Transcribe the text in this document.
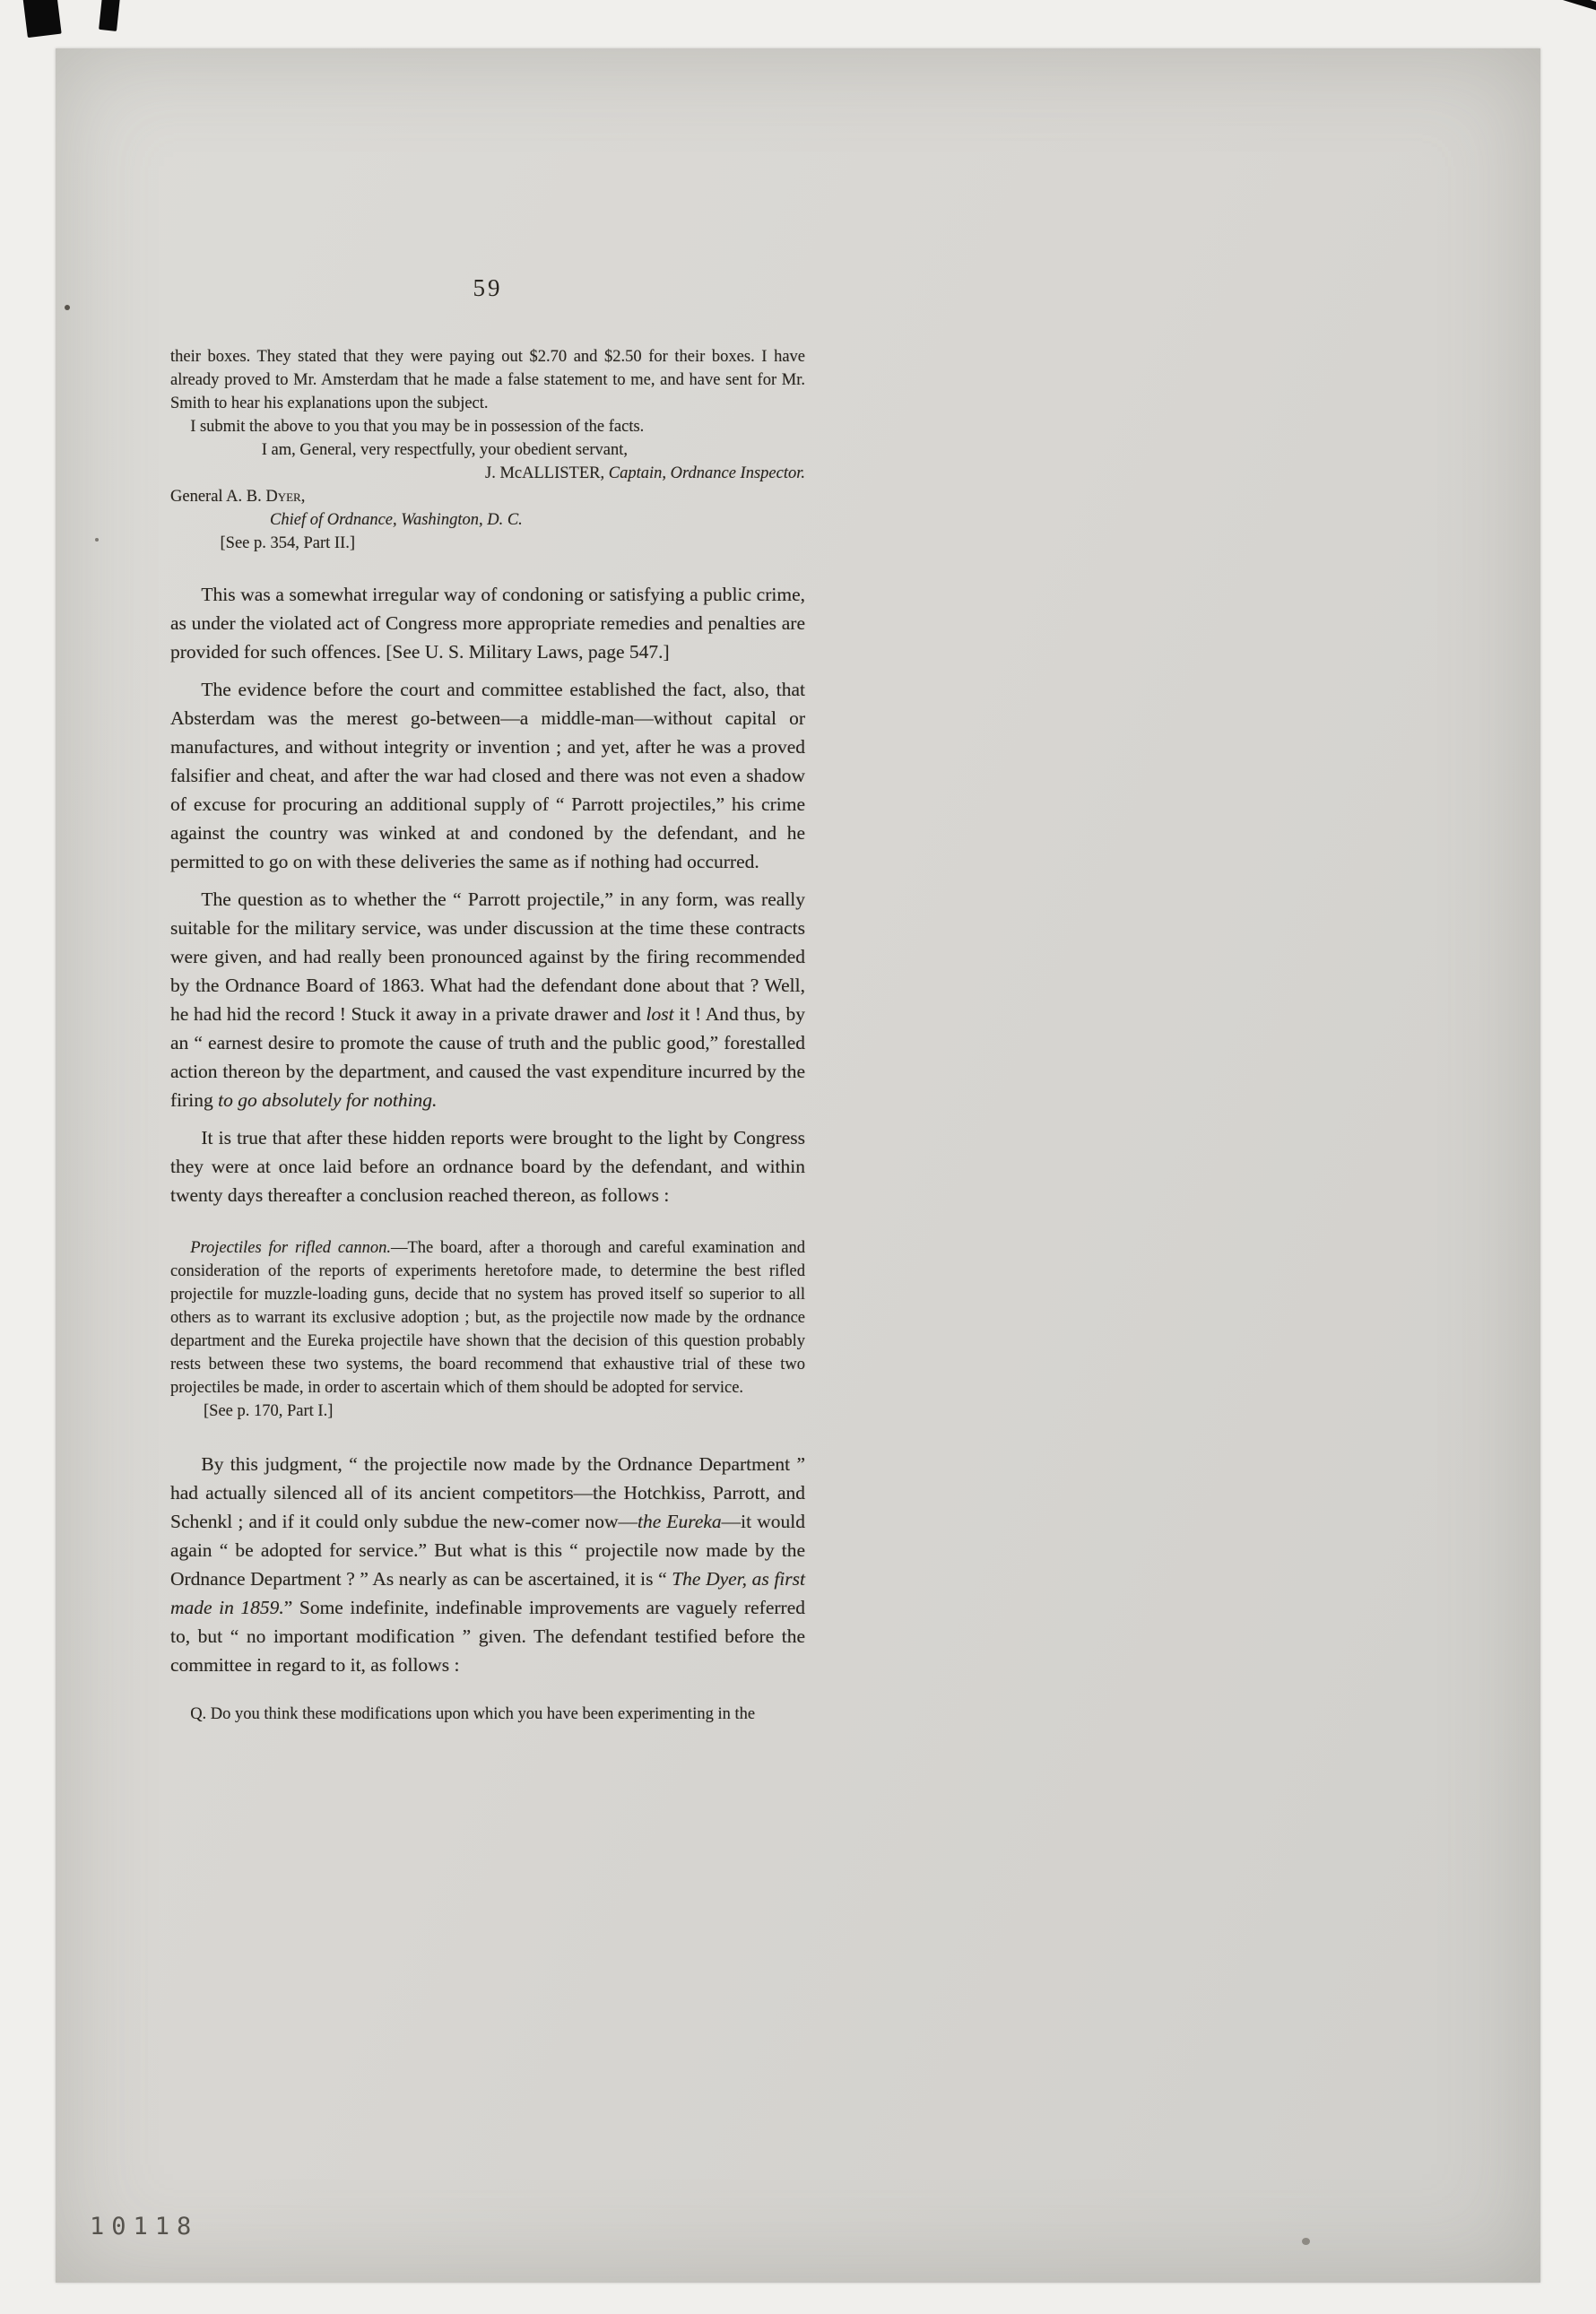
59

their boxes. They stated that they were paying out $2.70 and $2.50 for their boxes. I have already proved to Mr. Amsterdam that he made a false statement to me, and have sent for Mr. Smith to hear his explanations upon the subject.

I submit the above to you that you may be in possession of the facts.

I am, General, very respectfully, your obedient servant,

J. McALLISTER, Captain, Ordnance Inspector.

General A. B. Dyer,

Chief of Ordnance, Washington, D. C.

[See p. 354, Part II.]

This was a somewhat irregular way of condoning or satisfying a public crime, as under the violated act of Congress more appropriate remedies and penalties are provided for such offences. [See U. S. Military Laws, page 547.]

The evidence before the court and committee established the fact, also, that Absterdam was the merest go-between—a middle-man—without capital or manufactures, and without integrity or invention ; and yet, after he was a proved falsifier and cheat, and after the war had closed and there was not even a shadow of excuse for procuring an additional supply of “ Parrott projectiles,” his crime against the country was winked at and condoned by the defendant, and he permitted to go on with these deliveries the same as if nothing had occurred.

The question as to whether the “ Parrott projectile,” in any form, was really suitable for the military service, was under discussion at the time these contracts were given, and had really been pronounced against by the firing recommended by the Ordnance Board of 1863. What had the defendant done about that ? Well, he had hid the record ! Stuck it away in a private drawer and lost it ! And thus, by an “ earnest desire to promote the cause of truth and the public good,” forestalled action thereon by the department, and caused the vast expenditure incurred by the firing to go absolutely for nothing.

It is true that after these hidden reports were brought to the light by Congress they were at once laid before an ordnance board by the defendant, and within twenty days thereafter a conclusion reached thereon, as follows :

Projectiles for rifled cannon.—The board, after a thorough and careful examination and consideration of the reports of experiments heretofore made, to determine the best rifled projectile for muzzle-loading guns, decide that no system has proved itself so superior to all others as to warrant its exclusive adoption ; but, as the projectile now made by the ordnance department and the Eureka projectile have shown that the decision of this question probably rests between these two systems, the board recommend that exhaustive trial of these two projectiles be made, in order to ascertain which of them should be adopted for service.

[See p. 170, Part I.]

By this judgment, “ the projectile now made by the Ordnance Department ” had actually silenced all of its ancient competitors—the Hotchkiss, Parrott, and Schenkl ; and if it could only subdue the new-comer now—the Eureka—it would again “ be adopted for service.” But what is this “ projectile now made by the Ordnance Department ? ” As nearly as can be ascertained, it is “ The Dyer, as first made in 1859.” Some indefinite, indefinable improvements are vaguely referred to, but “ no important modification ” given. The defendant testified before the committee in regard to it, as follows :

Q. Do you think these modifications upon which you have been experimenting in the

10118
